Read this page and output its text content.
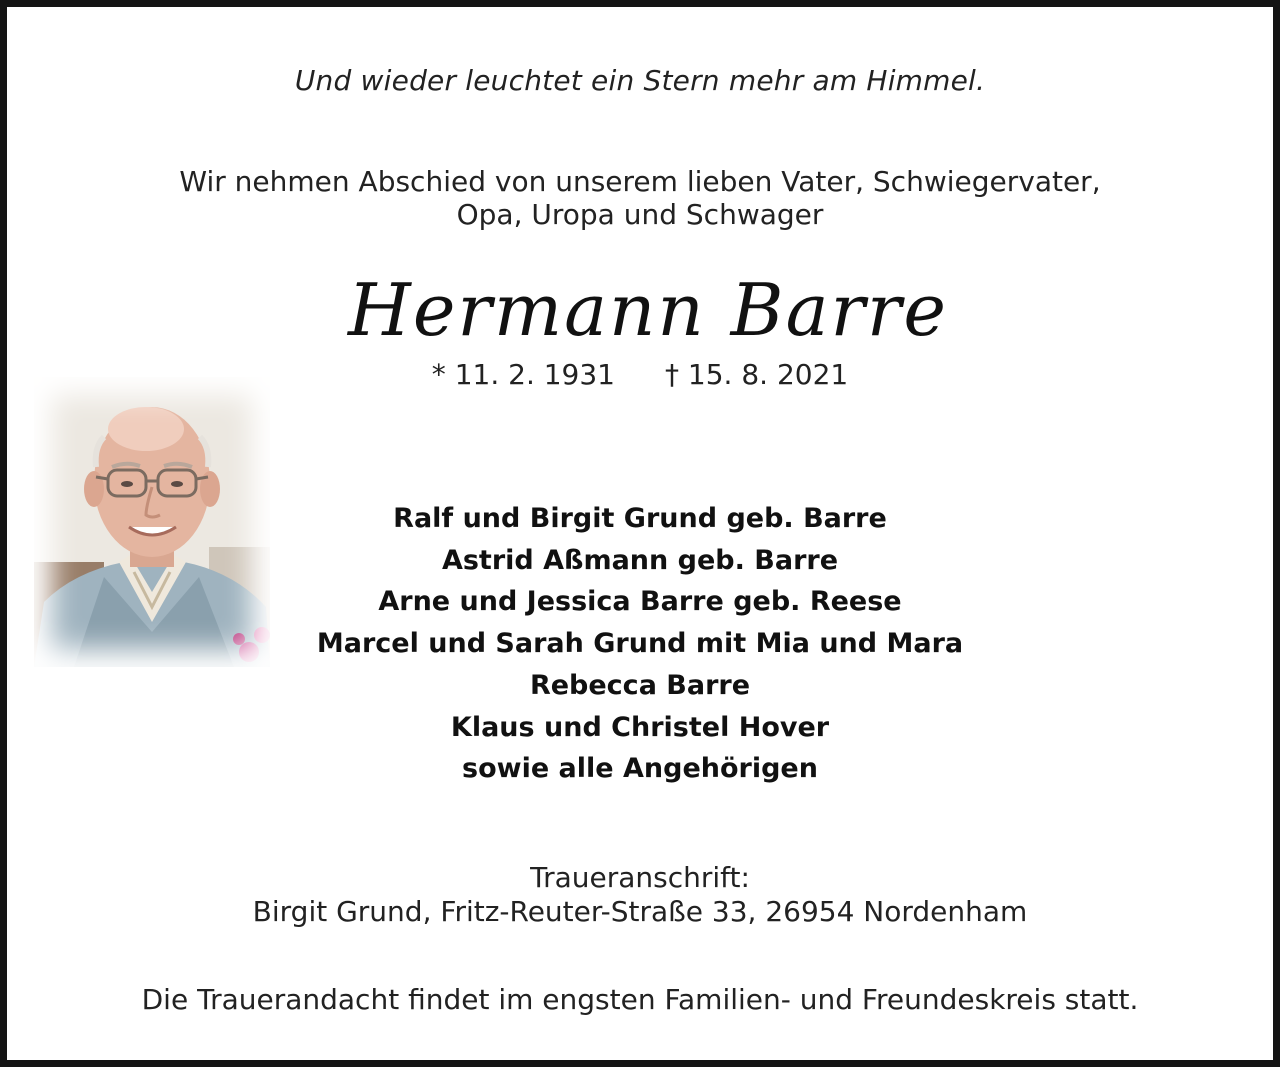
Und wieder leuchtet ein Stern mehr am Himmel.
Wir nehmen Abschied von unserem lieben Vater, Schwiegervater,
Opa, Uropa und Schwager
Hermann Barre
* 11. 2. 1931 † 15. 8. 2021
Ralf und Birgit Grund geb. Barre
Astrid Aßmann geb. Barre
Arne und Jessica Barre geb. Reese
Marcel und Sarah Grund mit Mia und Mara
Rebecca Barre
Klaus und Christel Hover
sowie alle Angehörigen
Traueranschrift:
Birgit Grund, Fritz-Reuter-Straße 33, 26954 Nordenham
Die Trauerandacht findet im engsten Familien- und Freundeskreis statt.
